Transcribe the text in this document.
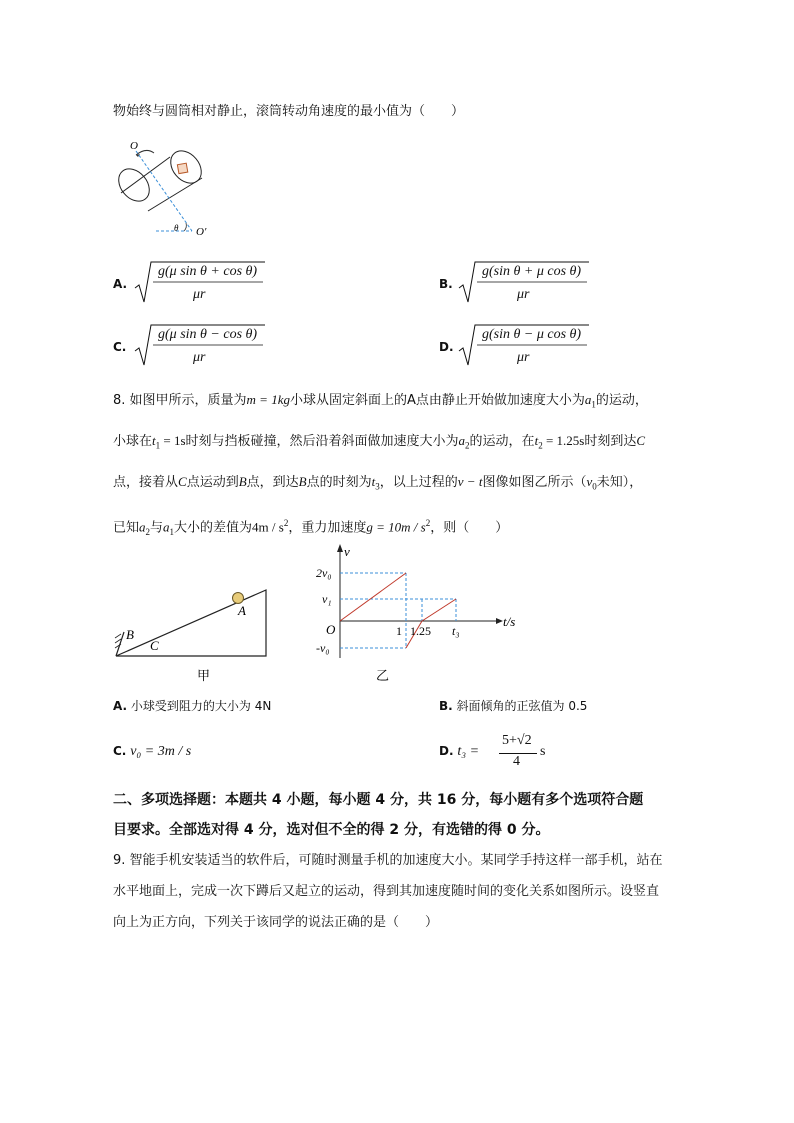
物始终与圆筒相对静止，滚筒转动角速度的最小值为（　　）
O
θ O′
A.
g(μ sin θ + cos θ)
μr
B.
g(sin θ + μ cos θ)
μr
C.
g(μ sin θ − cos θ)
μr
D.
g(sin θ − μ cos θ)
μr
8. 如图甲所示，质量为m = 1kg小球从固定斜面上的A点由静止开始做加速度大小为$a_1$的运动，
小球在$t_1 = 1s$时刻与挡板碰撞，然后沿着斜面做加速度大小为$a_2$的运动，在$t_2 = 1.25s$时刻到达C
点，接着从C点运动到B点，到达B点的时刻为$t_3$，以上过程的v − t图像如图乙所示（$v_0$未知），
已知$a_2$与$a_1$大小的差值为$4m / s^2$，重力加速度$g = 10m / s^2$，则（　　）
A
B
C
甲
v
t/s
O
2v₀
v₁
-v₀
1 1.25 t₃
乙
A. 小球受到阻力的大小为 4N	B. 斜面倾角的正弦值为 0.5
C. v₀ = 3m / s	D. t₃ =
5+√2
4
s
二、多项选择题：本题共 4 小题，每小题 4 分，共 16 分，每小题有多个选项符合题
目要求。全部选对得 4 分，选对但不全的得 2 分，有选错的得 0 分。
9. 智能手机安装适当的软件后，可随时测量手机的加速度大小。某同学手持这样一部手机，站在
水平地面上，完成一次下蹲后又起立的运动，得到其加速度随时间的变化关系如图所示。设竖直
向上为正方向，下列关于该同学的说法正确的是（　　）
